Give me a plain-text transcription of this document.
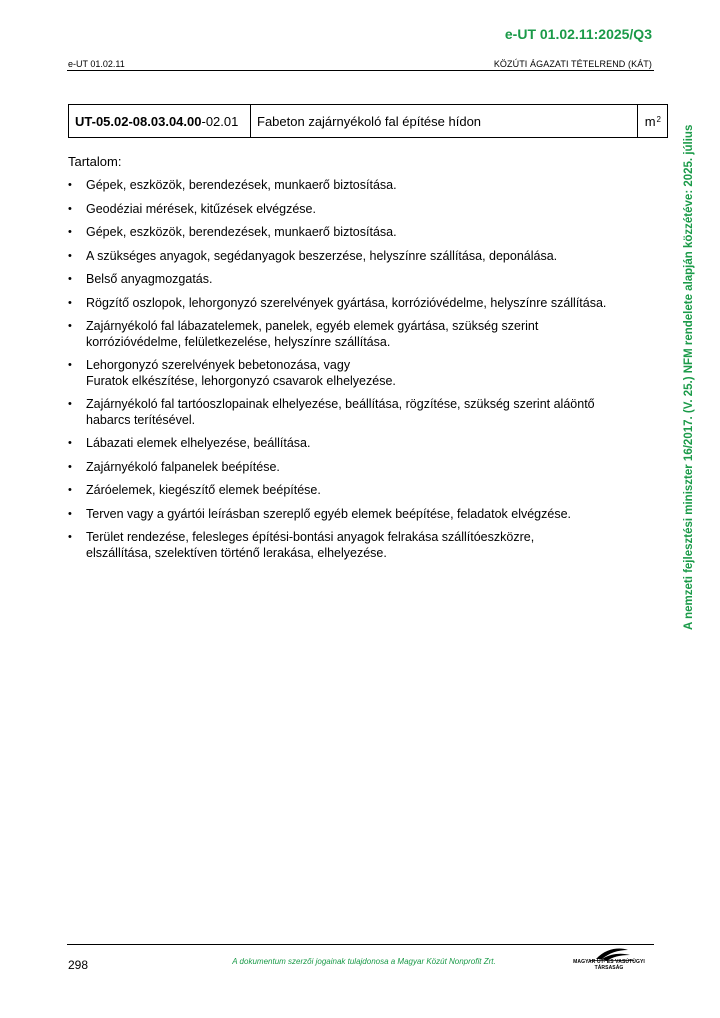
e-UT 01.02.11:2025/Q3
e-UT 01.02.11	KÖZÚTI ÁGAZATI TÉTELREND (KÁT)
UT-05.02-08.03.04.00 -02.01	Fabeton zajárnyékoló fal építése hídon	$m^2$
Tartalom:
•	Gépek, eszközök, berendezések, munkaerő biztosítása.
•	Geodéziai mérések, kitűzések elvégzése.
•	Gépek, eszközök, berendezések, munkaerő biztosítása.
•	A szükséges anyagok, segédanyagok beszerzése, helyszínre szállítása, deponálása.
•	Belső anyagmozgatás.
•	Rögzítő oszlopok, lehorgonyzó szerelvények gyártása, korrózióvédelme, helyszínre szállítása.
•	Zajárnyékoló fal lábazatelemek, panelek, egyéb elemek gyártása, szükség szerint
korrózióvédelme, felületkezelése, helyszínre szállítása.
•	Lehorgonyzó szerelvények bebetonozása, vagy
Furatok elkészítése, lehorgonyzó csavarok elhelyezése.
•	Zajárnyékoló fal tartóoszlopainak elhelyezése, beállítása, rögzítése, szükség szerint aláöntő
habarcs terítésével.
•	Lábazati elemek elhelyezése, beállítása.
•	Zajárnyékoló falpanelek beépítése.
•	Záróelemek, kiegészítő elemek beépítése.
•	Terven vagy a gyártói leírásban szereplő egyéb elemek beépítése, feladatok elvégzése.
•	Terület rendezése, felesleges építési-bontási anyagok felrakása szállítóeszközre,
elszállítása, szelektíven történő lerakása, elhelyezése.	A nemzeti fejlesztési miniszter 16/2017. (V. 25.) NFM rendelete alapján közzétéve: 2025. július
298	A dokumentum szerzői jogainak tulajdonosa a Magyar Közút Nonprofit Zrt.	MAGYAR ÚT- ÉS VASÚTÜGYI TÁRSASÁG
